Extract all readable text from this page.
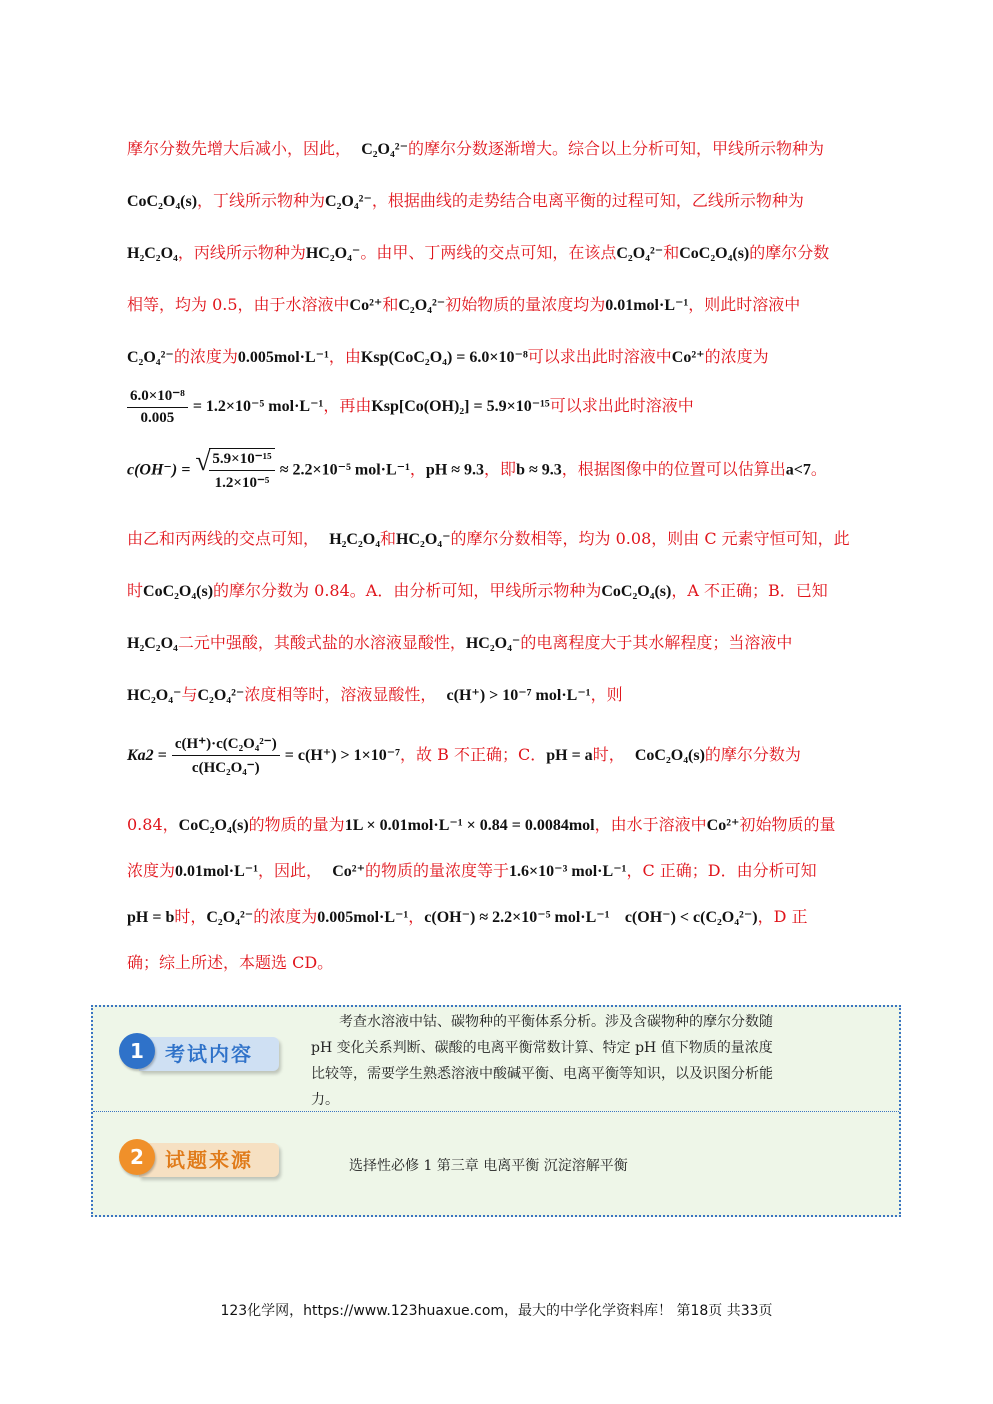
摩尔分数先增大后减小，因此， C₂O₄²⁻的摩尔分数逐渐增大。综合以上分析可知，甲线所示物种为
CoC₂O₄(s)，丁线所示物种为C₂O₄²⁻，根据曲线的走势结合电离平衡的过程可知，乙线所示物种为
H₂C₂O₄，丙线所示物种为HC₂O₄⁻。由甲、丁两线的交点可知，在该点C₂O₄²⁻和CoC₂O₄(s)的摩尔分数
相等，均为 0.5，由于水溶液中Co²⁺和C₂O₄²⁻初始物质的量浓度均为0.01mol·L⁻¹，则此时溶液中
C₂O₄²⁻的浓度为0.005mol·L⁻¹，由Ksp(CoC₂O₄) = 6.0×10⁻⁸可以求出此时溶液中Co²⁺的浓度为
$\frac{\text{6.0×10⁻⁸}}{0.005} = 1.2\times 10^{-5}$ mol·L⁻¹，再由Ksp[Co(OH)₂] = 5.9×10⁻¹⁵可以求出此时溶液中
c(OH⁻) = √
$\frac{\text{5.9×10⁻¹⁵}}{\text{1.2×10⁻⁵}} \approx 2.2\times 10^{-5}$ mol·L⁻¹，pH ≈ 9.3，即b ≈ 9.3，根据图像中的位置可以估算出a<7。
由乙和丙两线的交点可知， H₂C₂O₄和HC₂O₄⁻的摩尔分数相等，均为 0.08，则由 C 元素守恒可知，此
时CoC₂O₄(s)的摩尔分数为 0.84。A．由分析可知，甲线所示物种为CoC₂O₄(s)，A 不正确；B．已知
H₂C₂O₄二元中强酸，其酸式盐的水溶液显酸性，HC₂O₄⁻的电离程度大于其水解程度；当溶液中
HC₂O₄⁻与C₂O₄²⁻浓度相等时，溶液显酸性， c(H⁺) > 10⁻⁷ mol·L⁻¹，则
$Ka2 = \frac{\text{c(H⁺)·c(C₂O₄²⁻)}}{\text{c(HC₂O₄⁻)}} = c(H^+) > 1\times 10^{-7}$，故 B 不正确；C．pH = a时， CoC₂O₄(s)的摩尔分数为
0.84，CoC₂O₄(s)的物质的量为1L × 0.01mol·L⁻¹ × 0.84 = 0.0084mol，由水于溶液中Co²⁺初始物质的量
浓度为0.01mol·L⁻¹，因此， Co²⁺的物质的量浓度等于1.6×10⁻³ mol·L⁻¹，C 正确；D．由分析可知
pH = b时，C₂O₄²⁻的浓度为0.005mol·L⁻¹，c(OH⁻) ≈ 2.2×10⁻⁵ mol·L⁻¹ c(OH⁻) < c(C₂O₄²⁻)，D 正
确；综上所述，本题选 CD。
考试内容
1
　　考查水溶液中钴、碳物种的平衡体系分析。涉及含碳物种的摩尔分数随
pH 变化关系判断、碳酸的电离平衡常数计算、特定 pH 值下物质的量浓度
比较等，需要学生熟悉溶液中酸碱平衡、电离平衡等知识，以及识图分析能
力。
试题来源
2	选择性必修 1 第三章 电离平衡 沉淀溶解平衡
123化学网，https://www.123huaxue.com，最大的中学化学资料库！ 第18页 共33页
